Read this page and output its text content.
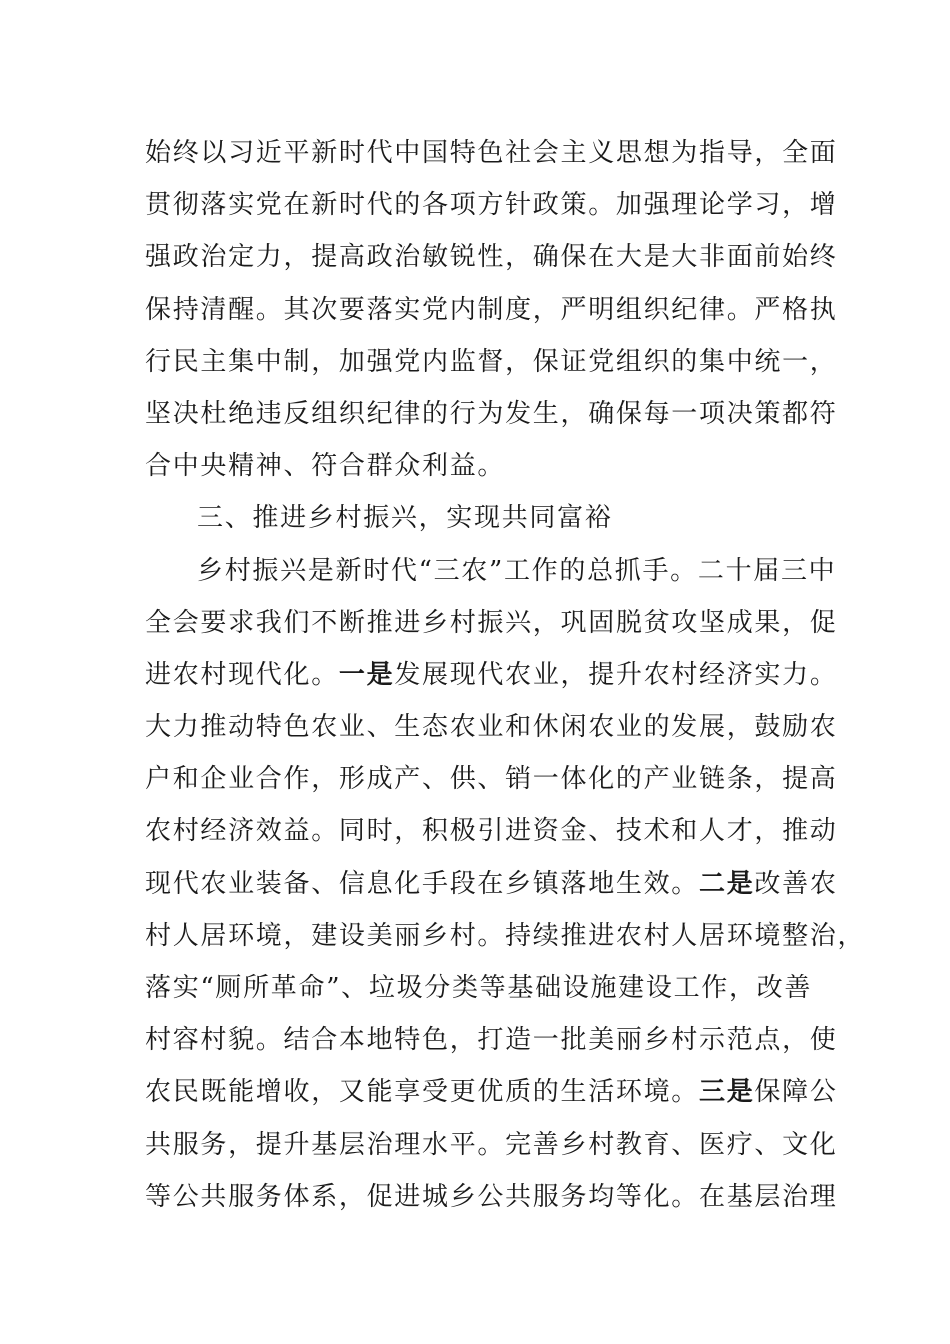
始终以习近平新时代中国特色社会主义思想为指导，全面
贯彻落实党在新时代的各项方针政策。加强理论学习，增
强政治定力，提高政治敏锐性，确保在大是大非面前始终
保持清醒。其次要落实党内制度，严明组织纪律。严格执
行民主集中制，加强党内监督，保证党组织的集中统一，
坚决杜绝违反组织纪律的行为发生，确保每一项决策都符
合中央精神、符合群众利益。
三、推进乡村振兴，实现共同富裕
乡村振兴是新时代“三农”工作的总抓手。二十届三中
全会要求我们不断推进乡村振兴，巩固脱贫攻坚成果，促
进农村现代化。一是发展现代农业，提升农村经济实力。
大力推动特色农业、生态农业和休闲农业的发展，鼓励农
户和企业合作，形成产、供、销一体化的产业链条，提高
农村经济效益。同时，积极引进资金、技术和人才，推动
现代农业装备、信息化手段在乡镇落地生效。二是改善农
村人居环境，建设美丽乡村。持续推进农村人居环境整治，
落实“厕所革命”、垃圾分类等基础设施建设工作，改善
村容村貌。结合本地特色，打造一批美丽乡村示范点，使
农民既能增收，又能享受更优质的生活环境。三是保障公
共服务，提升基层治理水平。完善乡村教育、医疗、文化
等公共服务体系，促进城乡公共服务均等化。在基层治理
